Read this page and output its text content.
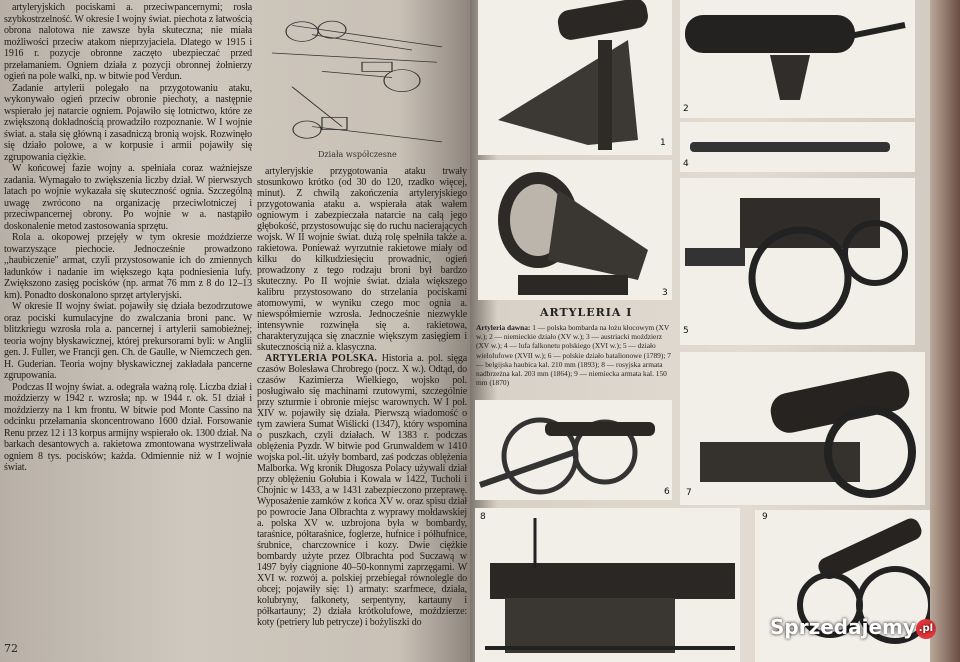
artyleryjskich pociskami a. przeciwpancernymi; rosła szybkostrzelność. W okresie I wojny świat. piechota z łatwością obrona nalotowa nie zawsze była skuteczna; nie miała możliwości przeciw atakom nieprzyjaciela. Dlatego w 1915 i 1916 r. pozycje obronne zaczęto ubezpieczać przed przełamaniem. Ogniem działa z pozycji obronnej żołnierzy ogień na pole walki, np. w bitwie pod Verdun.

Zadanie artylerii polegało na przygotowaniu ataku, wykonywało ogień przeciw obronie piechoty, a następnie wspierało jej natarcie ogniem. Pojawiło się lotnictwo, które ze zwiększoną dokładnością prowadziło rozpoznanie. W I wojnie świat. a. stała się główną i zasadniczą bronią wojsk. Rozwinęło się działo polowe, a w korpusie i armii pojawiły się zgrupowania ciężkie.

W końcowej fazie wojny a. spełniała coraz ważniejsze zadania. Wymagało to zwiększenia liczby dział. W pierwszych latach po wojnie wykazała się skuteczność ognia. Szczególną uwagę zwrócono na organizację przeciwlotniczej i przeciwpancernej obrony. Po wojnie w a. nastąpiło doskonalenie metod zastosowania sprzętu.

Rola a. okopowej przejęły w tym okresie moździerze towarzyszące piechocie. Jednocześnie prowadzono ,,haubiczenie'' armat, czyli przystosowanie ich do zmiennych ładunków i nadanie im większego kąta podniesienia lufy. Zwiększono zasięg pocisków (np. armat 76 mm z 8 do 12–13 km). Ponadto doskonalono sprzęt artyleryjski.

W okresie II wojny świat. pojawiły się działa bezodrzutowe oraz pociski kumulacyjne do zwalczania broni panc. W blitzkriegu wzrosła rola a. pancernej i artylerii samobieżnej; teoria wojny błyskawicznej, której prekursorami byli: w Anglii gen. J. Fuller, we Francji gen. Ch. de Gaulle, w Niemczech gen. H. Guderian. Teoria wojny błyskawicznej zakładała pancerne zgrupowania.

Podczas II wojny świat. a. odegrała ważną rolę. Liczba dział i moździerzy w 1942 r. wzrosła; np. w 1944 r. ok. 51 dział i moździerzy na 1 km frontu. W bitwie pod Monte Cassino na odcinku przełamania skoncentrowano 1600 dział. Forsowanie Renu przez 12 i 13 korpus armijny wspierało ok. 1300 dział. Na barkach desantowych a. rakietowa zmontowana wystrzeliwała ogniem 8 tys. pocisków; każda. Odmiennie niż w I wojnie świat.

Działa współczesne

artyleryjskie przygotowania ataku trwały stosunkowo krótko (od 30 do 120, rzadko więcej, minut). Z chwilą zakończenia artyleryjskiego przygotowania ataku a. wspierała atak wałem ogniowym i zabezpieczała natarcie na całą jego głębokość, przystosowując się do ruchu nacierających wojsk. W II wojnie świat. dużą rolę spełniła także a. rakietowa. Ponieważ wyrzutnie rakietowe miały od kilku do kilkudziesięciu prowadnic, ogień prowadzony z tego rodzaju broni był bardzo skuteczny. Po II wojnie świat. działa większego kalibru przystosowano do strzelania pociskami atomowymi, w wyniku czego moc ognia a. niewspółmiernie wzrosła. Jednocześnie niezwykle intensywnie rozwinęła się a. rakietowa, charakteryzująca się znacznie większym zasięgiem i skutecznością niż a. klasyczna.

ARTYLERIA POLSKA. Historia a. pol. sięga czasów Bolesława Chrobrego (pocz. X w.). Odtąd, do czasów Kazimierza Wielkiego, wojsko pol. posługiwało się machinami rzutowymi, szczególnie przy szturmie i obronie miejsc warownych. W I poł. XIV w. pojawiły się działa. Pierwszą wiadomość o tym zawiera Sumat Wiślicki (1347), który wspomina o puszkach, czyli działach. W 1383 r. podczas oblężenia Pyzdr. W bitwie pod Grunwaldem w 1410 wojska pol.-lit. użyły bombard, zaś podczas oblężenia Malborka. Wg kronik Długosza Polacy używali dział przy oblężeniu Gołubia i Kowala w 1422, Tucholi i Chojnic w 1433, a w 1431 zabezpieczono przeprawę. Wyposażenie zamków z końca XV w. oraz spisu dział po powrocie Jana Olbrachta z wyprawy mołdawskiej a. polska XV w. uzbrojona była w bombardy, taraśnice, półtaraśnice, foglerze, hufnice i półhufnice, śrubnice, charczownice i kozy. Dwie ciężkie bombardy użyte przez Olbrachta pod Suczawą w 1497 były ciągnione 40–50-konnymi zaprzęgami. W XVI w. rozwój a. polskiej przebiegał równolegle do obcej; pojawiły się: 1) armaty: szarfmece, działa, kolubryny, falkonety, serpentyny, kartauny i półkartauny; 2) działa krótkolufowe, moździerze: koty (petriery lub petrycze) i bożyliszki do

72
1
2
3
4
5
6 7
8	9
ARTYLERIA I
Artyleria dawna: 1 — polska bombarda na łożu kłocowym (XV w.); 2 — niemieckie działo (XV w.); 3 — austriacki moździerz (XV w.); 4 — lufa falkonetu polskiego (XVI w.); 5 — działo wielolufowe (XVII w.); 6 — polskie działo batalionowe (1789); 7 — belgijska haubica kal. 210 mm (1893); 8 — rosyjska armata nadbrzeżna kal. 203 mm (1864); 9 — niemiecka armata kal. 150 mm (1870)
Sprzedajemy .pl
